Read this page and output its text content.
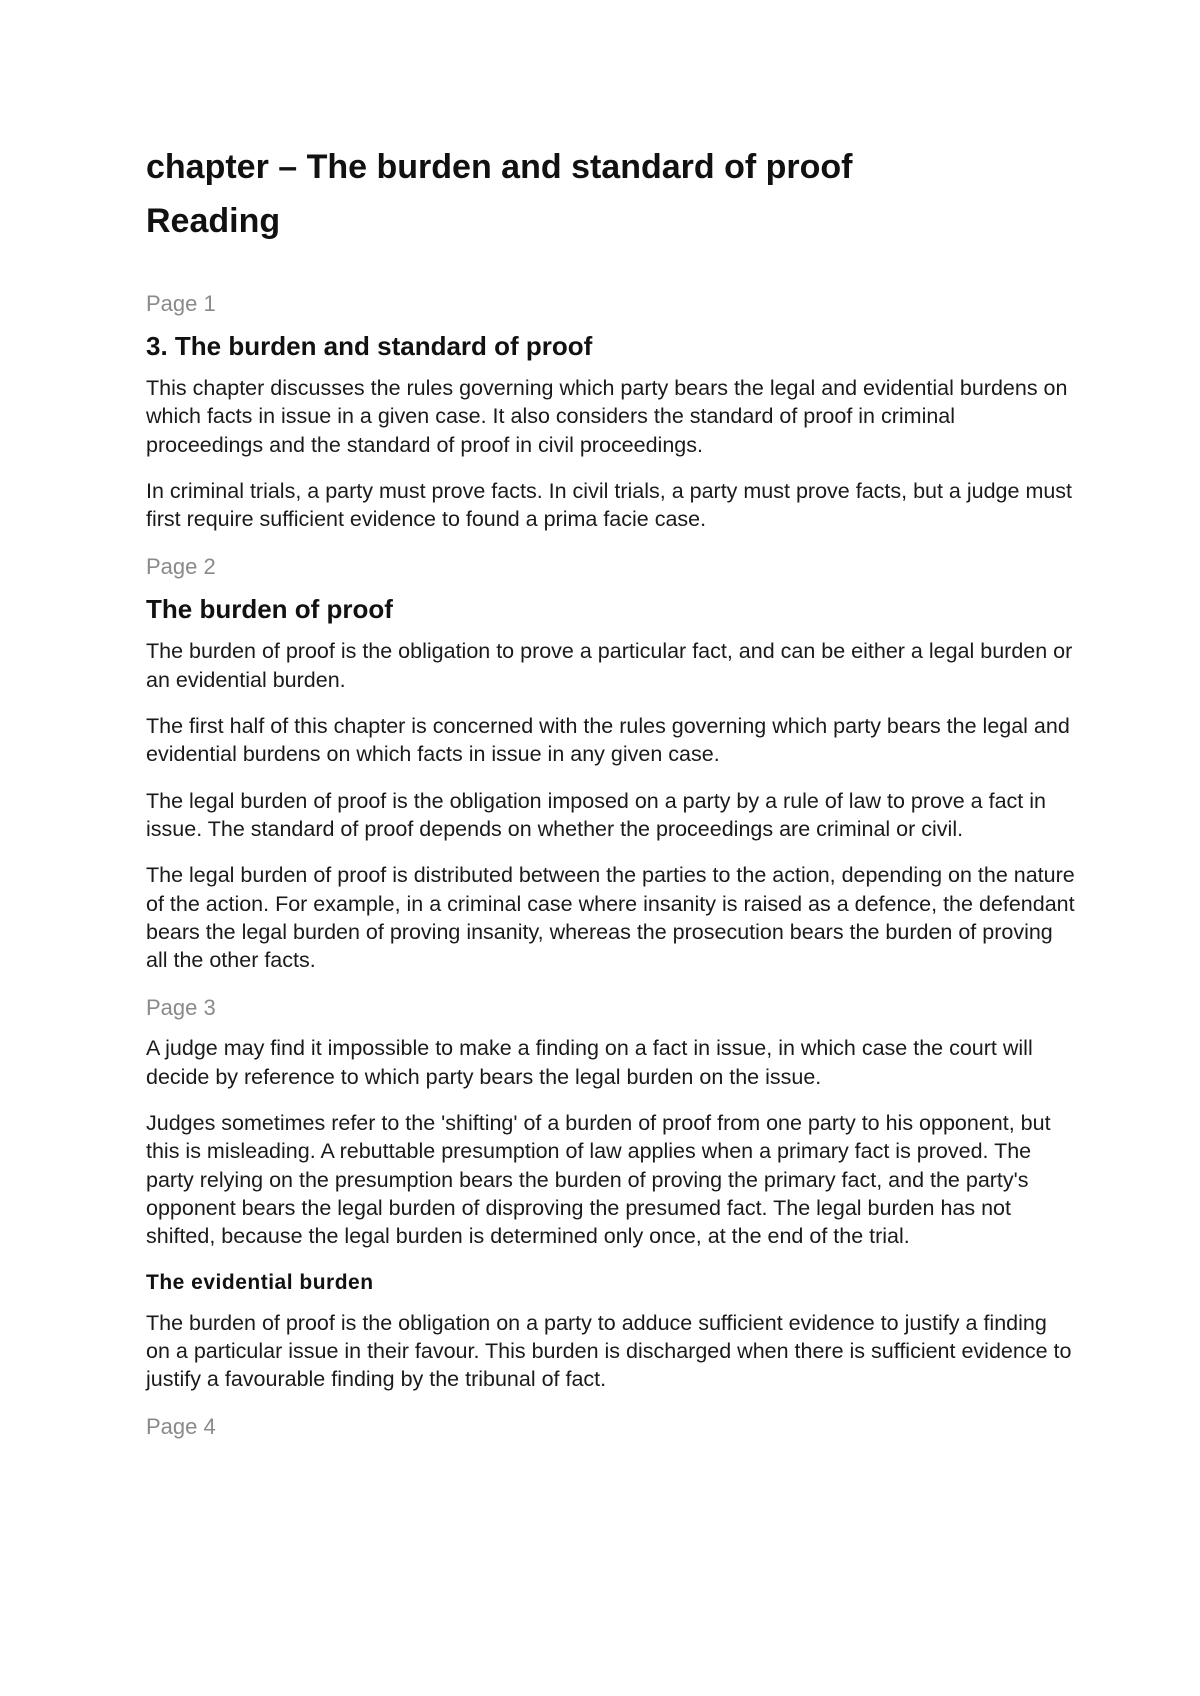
chapter – The burden and standard of proof
Reading

Page 1

3. The burden and standard of proof

This chapter discusses the rules governing which party bears the legal and evidential burdens on which facts in issue in a given case. It also considers the standard of proof in criminal proceedings and the standard of proof in civil proceedings.

In criminal trials, a party must prove facts. In civil trials, a party must prove facts, but a judge must first require sufficient evidence to found a prima facie case.

Page 2

The burden of proof

The burden of proof is the obligation to prove a particular fact, and can be either a legal burden or an evidential burden.

The first half of this chapter is concerned with the rules governing which party bears the legal and evidential burdens on which facts in issue in any given case.

The legal burden of proof is the obligation imposed on a party by a rule of law to prove a fact in issue. The standard of proof depends on whether the proceedings are criminal or civil.

The legal burden of proof is distributed between the parties to the action, depending on the nature of the action. For example, in a criminal case where insanity is raised as a defence, the defendant bears the legal burden of proving insanity, whereas the prosecution bears the burden of proving all the other facts.

Page 3

A judge may find it impossible to make a finding on a fact in issue, in which case the court will decide by reference to which party bears the legal burden on the issue.

Judges sometimes refer to the 'shifting' of a burden of proof from one party to his opponent, but this is misleading. A rebuttable presumption of law applies when a primary fact is proved. The party relying on the presumption bears the burden of proving the primary fact, and the party's opponent bears the legal burden of disproving the presumed fact. The legal burden has not shifted, because the legal burden is determined only once, at the end of the trial.

The evidential burden

The burden of proof is the obligation on a party to adduce sufficient evidence to justify a finding on a particular issue in their favour. This burden is discharged when there is sufficient evidence to justify a favourable finding by the tribunal of fact.

Page 4
